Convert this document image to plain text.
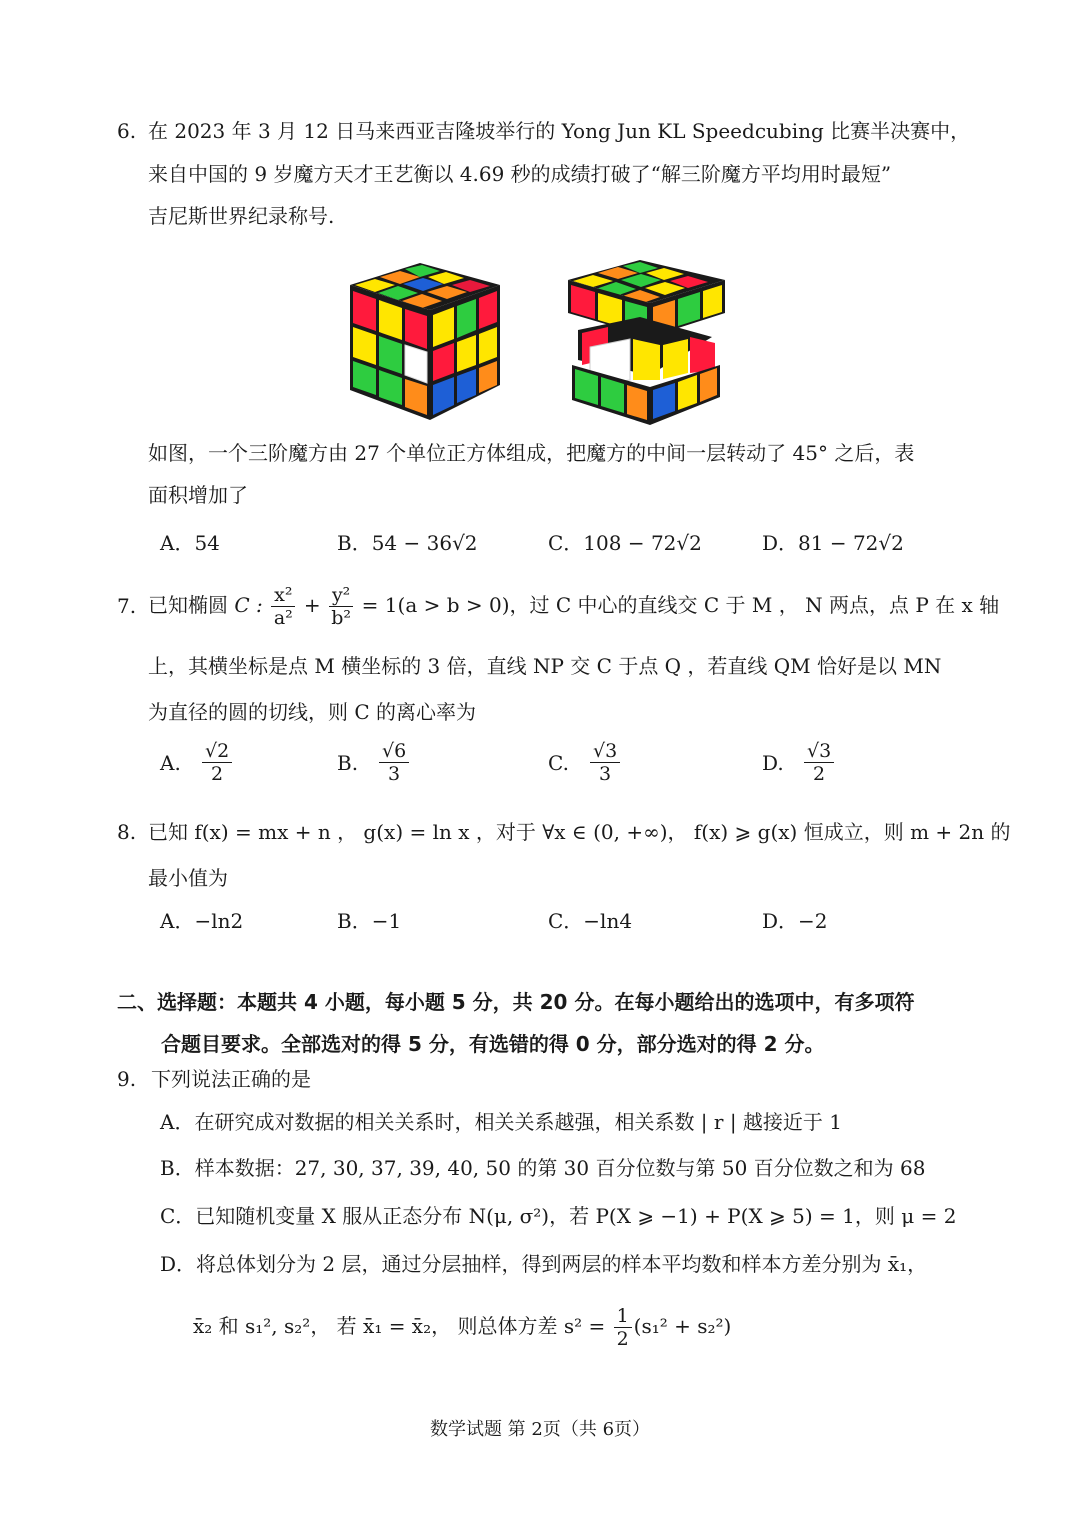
6. 在 2023 年 3 月 12 日马来西亚吉隆坡举行的 Yong Jun KL Speedcubing 比赛半决赛中，
来自中国的 9 岁魔方天才王艺衡以 4.69 秒的成绩打破了“解三阶魔方平均用时最短”
吉尼斯世界纪录称号.
如图，一个三阶魔方由 27 个单位正方体组成，把魔方的中间一层转动了 45° 之后，表
面积增加了
A．54	B．54 − 36√2	C．108 − 72√2	D．81 − 72√2
7. 已知椭圆 C : $\frac{\text{x²}}{\text{a²}} + \frac{\text{y²}}{\text{b²}} = 1(a > b > 0)$，过 C 中心的直线交 C 于 M ， N 两点，点 P 在 x 轴
上，其横坐标是点 M 横坐标的 3 倍，直线 NP 交 C 于点 Q ，若直线 QM 恰好是以 MN
为直径的圆的切线，则 C 的离心率为
A. $\frac{√2}{2}$	B. $\frac{√6}{3}$	C. $\frac{√3}{3}$	D. $\frac{√3}{2}$
8. 已知 f(x) = mx + n ， g(x) = ln x ，对于 ∀x ∈ (0, +∞)， f(x) ⩾ g(x) 恒成立，则 m + 2n 的
最小值为
A．−ln2	B．−1	C．−ln4	D．−2
二、选择题：本题共 4 小题，每小题 5 分，共 20 分。在每小题给出的选项中，有多项符
合题目要求。全部选对的得 5 分，有选错的得 0 分，部分选对的得 2 分。
9. 下列说法正确的是
A．在研究成对数据的相关关系时，相关关系越强，相关系数 | r | 越接近于 1
B．样本数据：27, 30, 37, 39, 40, 50 的第 30 百分位数与第 50 百分位数之和为 68
C．已知随机变量 X 服从正态分布 N(μ, σ²)，若 P(X ⩾ −1) + P(X ⩾ 5) = 1，则 μ = 2
D．将总体划分为 2 层，通过分层抽样，得到两层的样本平均数和样本方差分别为 x̄₁，
x̄₂ 和 s₁², s₂²， 若 x̄₁ = x̄₂， 则总体方差 $s^2 = \frac{1}{2} (s_1^2 + s_2^2)$
数学试题 第 2页（共 6页）
